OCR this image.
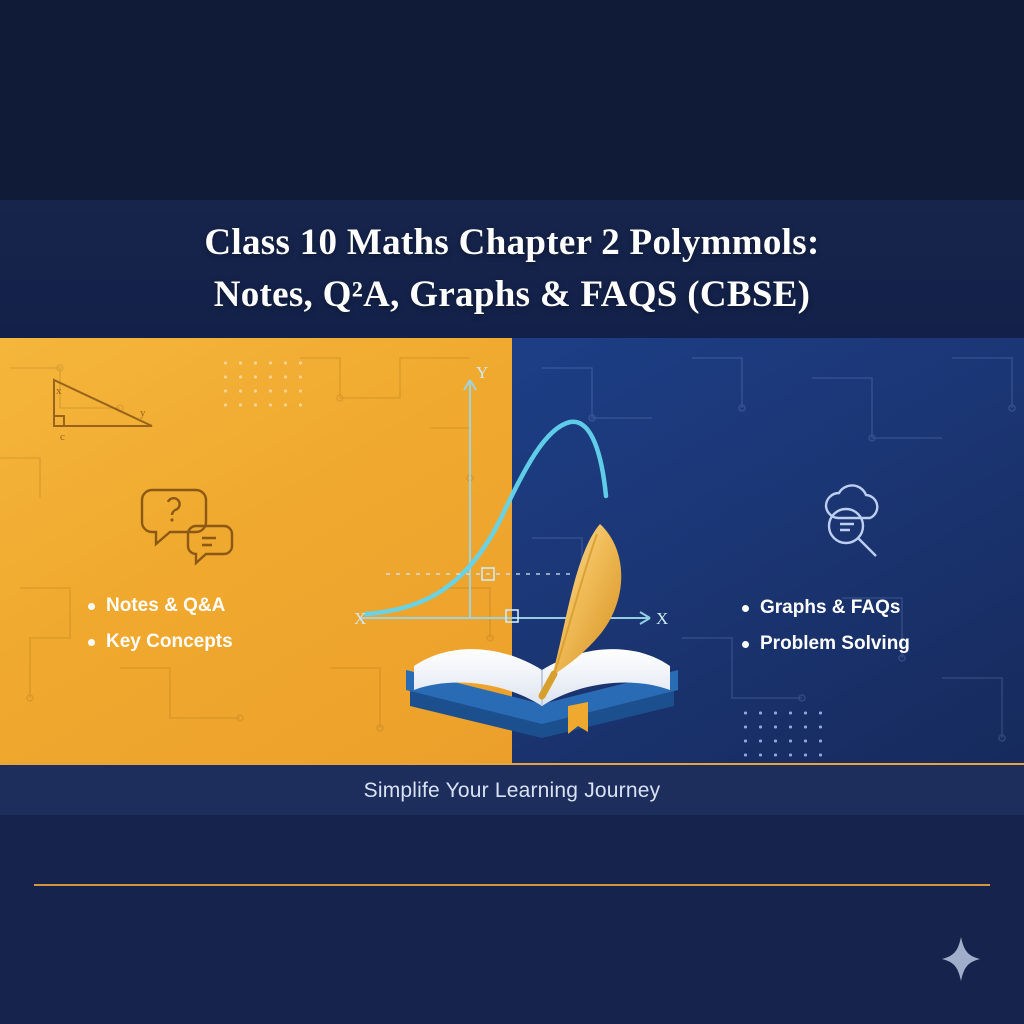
Class 10 Maths Chapter 2 Polymmols:
Notes, Q²A, Graphs & FAQS (CBSE)
x
y
c
Y
X	X
Notes & Q&A
Key Concepts
Graphs & FAQs
Problem Solving
Simplife Your Learning Journey
